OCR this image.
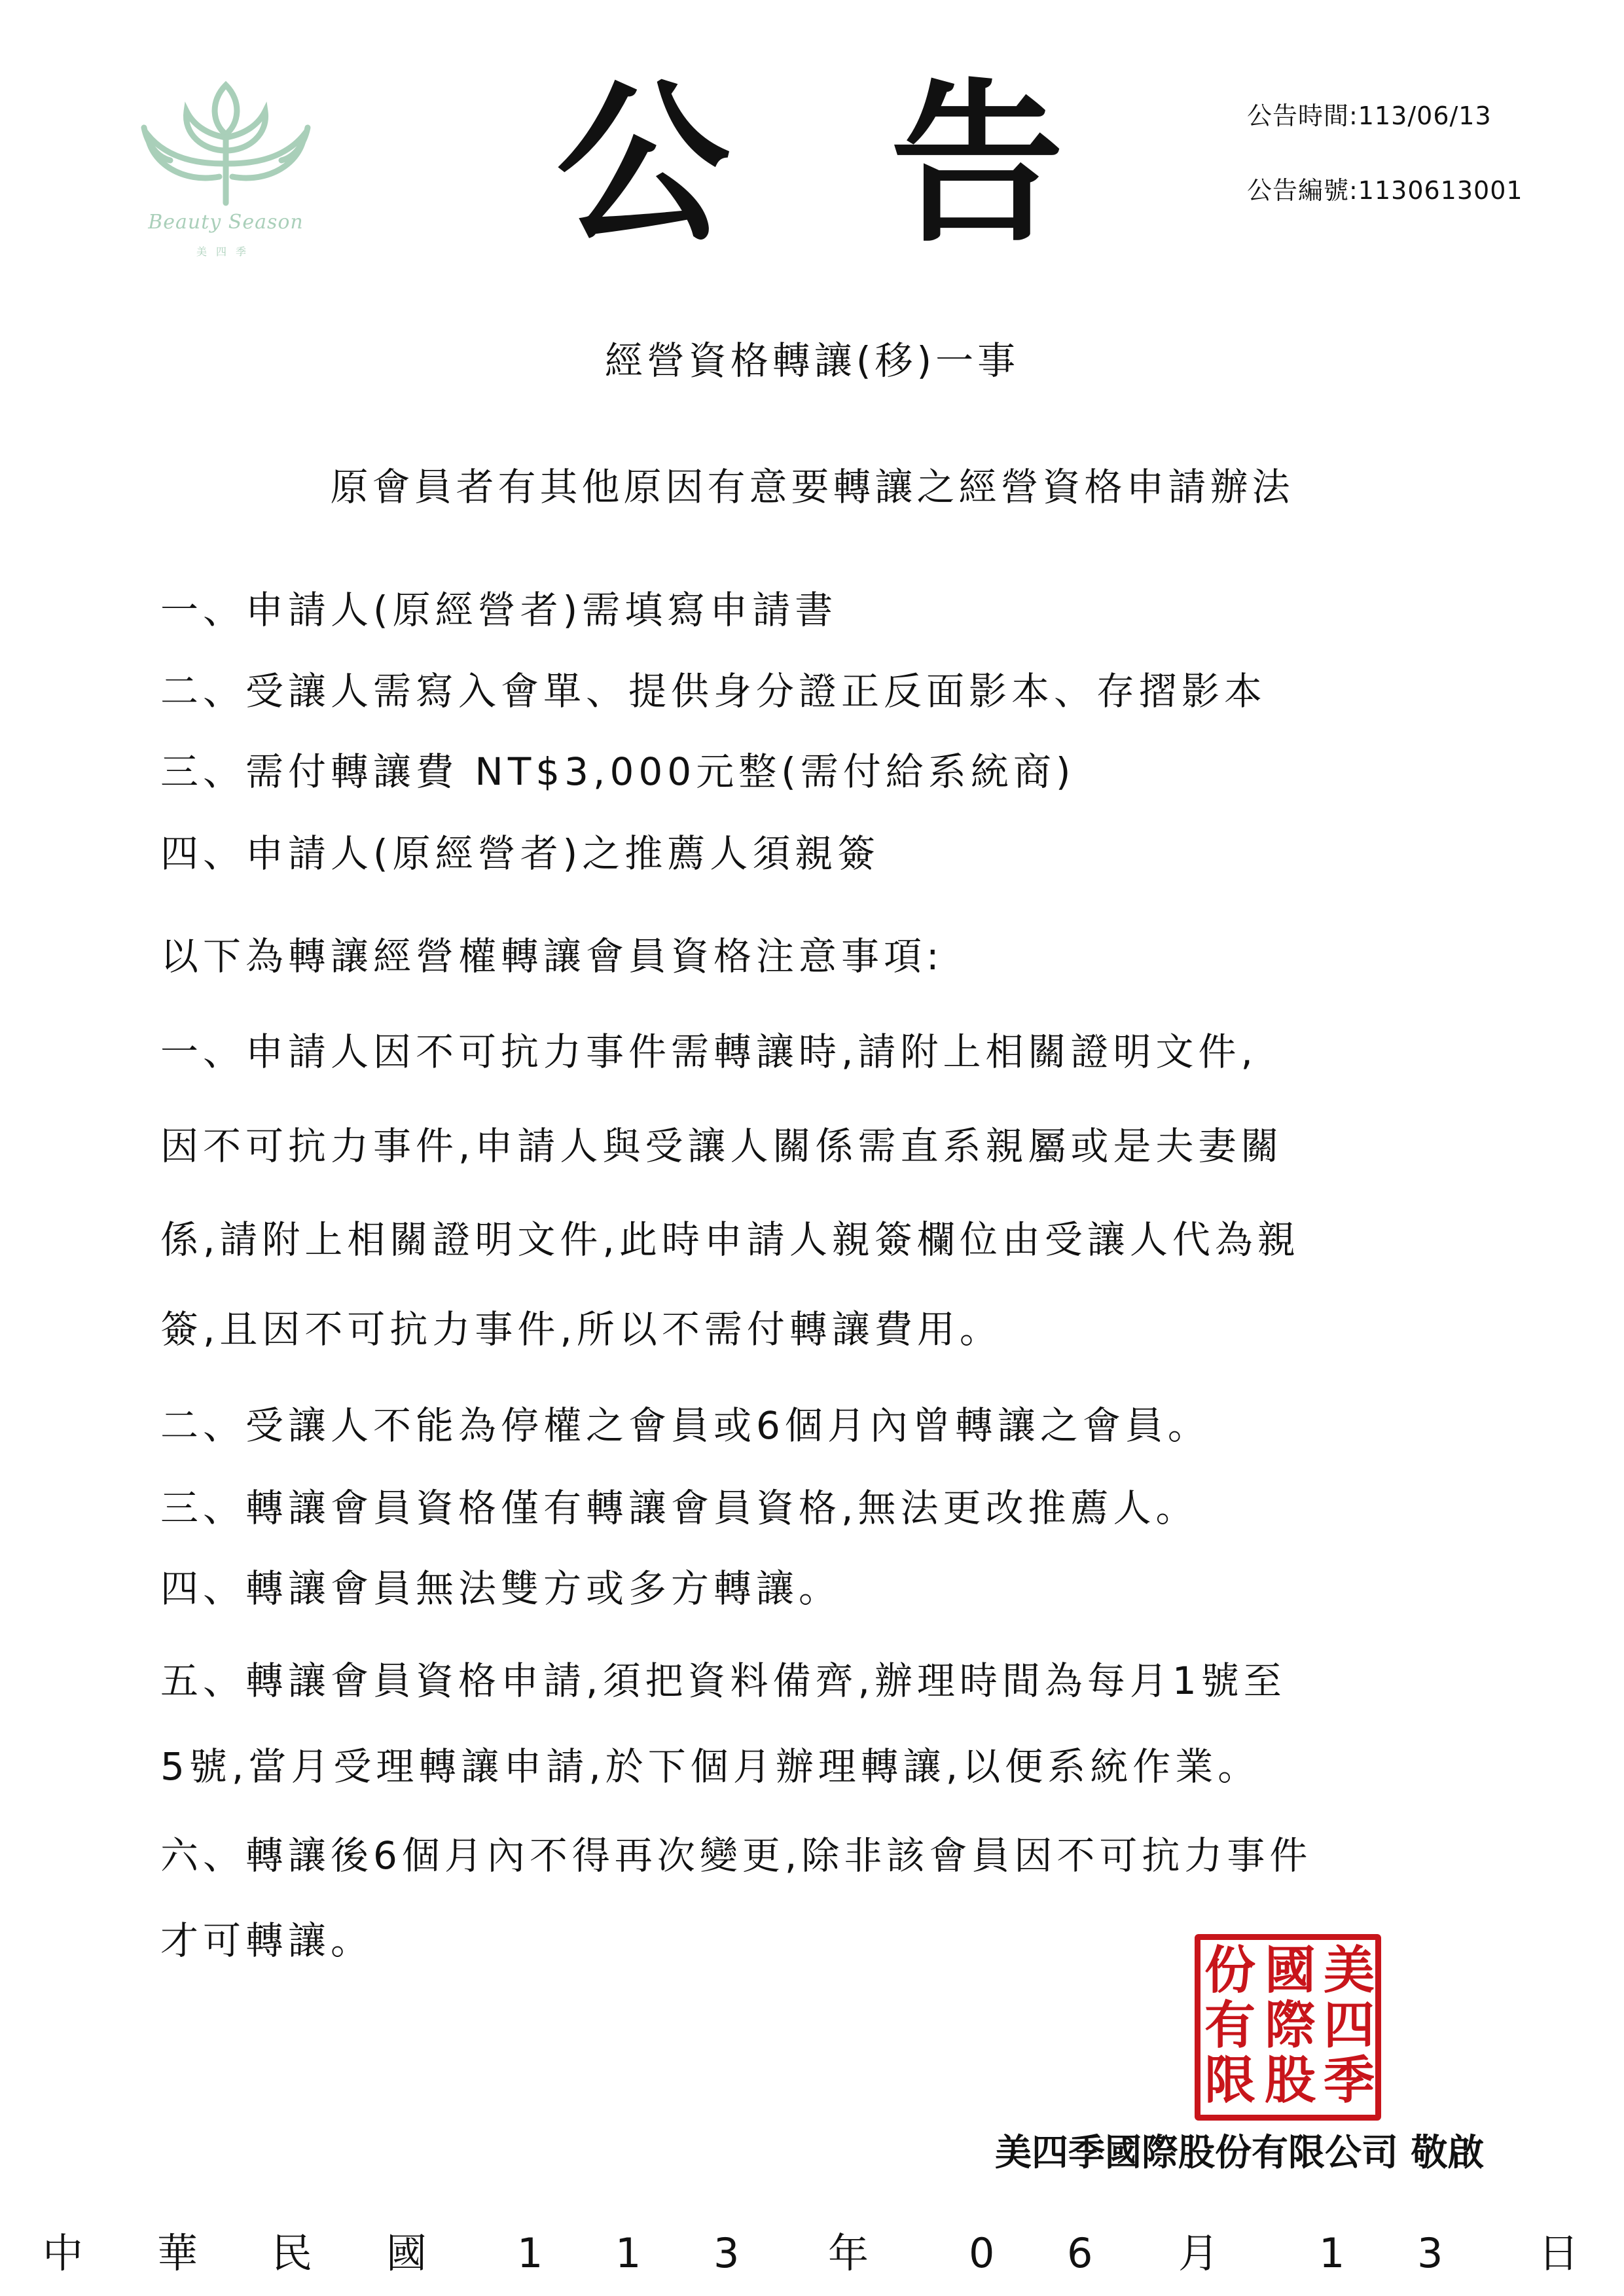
Beauty Season
美四季	公 告	公告時間:113/06/13
公告編號:1130613001
經營資格轉讓(移)一事
原會員者有其他原因有意要轉讓之經營資格申請辦法
一、申請人(原經營者)需填寫申請書
二、受讓人需寫入會單、提供身分證正反面影本、存摺影本
三、需付轉讓費 NT$3,000元整(需付給系統商)
四、申請人(原經營者)之推薦人須親簽
以下為轉讓經營權轉讓會員資格注意事項:
一、申請人因不可抗力事件需轉讓時,請附上相關證明文件,
因不可抗力事件,申請人與受讓人關係需直系親屬或是夫妻關
係,請附上相關證明文件,此時申請人親簽欄位由受讓人代為親
簽,且因不可抗力事件,所以不需付轉讓費用。
二、受讓人不能為停權之會員或6個月內曾轉讓之會員。
三、轉讓會員資格僅有轉讓會員資格,無法更改推薦人。
四、轉讓會員無法雙方或多方轉讓。
五、轉讓會員資格申請,須把資料備齊,辦理時間為每月1號至
5號,當月受理轉讓申請,於下個月辦理轉讓,以便系統作業。
六、轉讓後6個月內不得再次變更,除非該會員因不可抗力事件
才可轉讓。	美
四
季
國
際
股
份
有
限
美四季國際股份有限公司 敬啟
中 華 民 國 1 1 3 年 0 6 月 1 3 日
